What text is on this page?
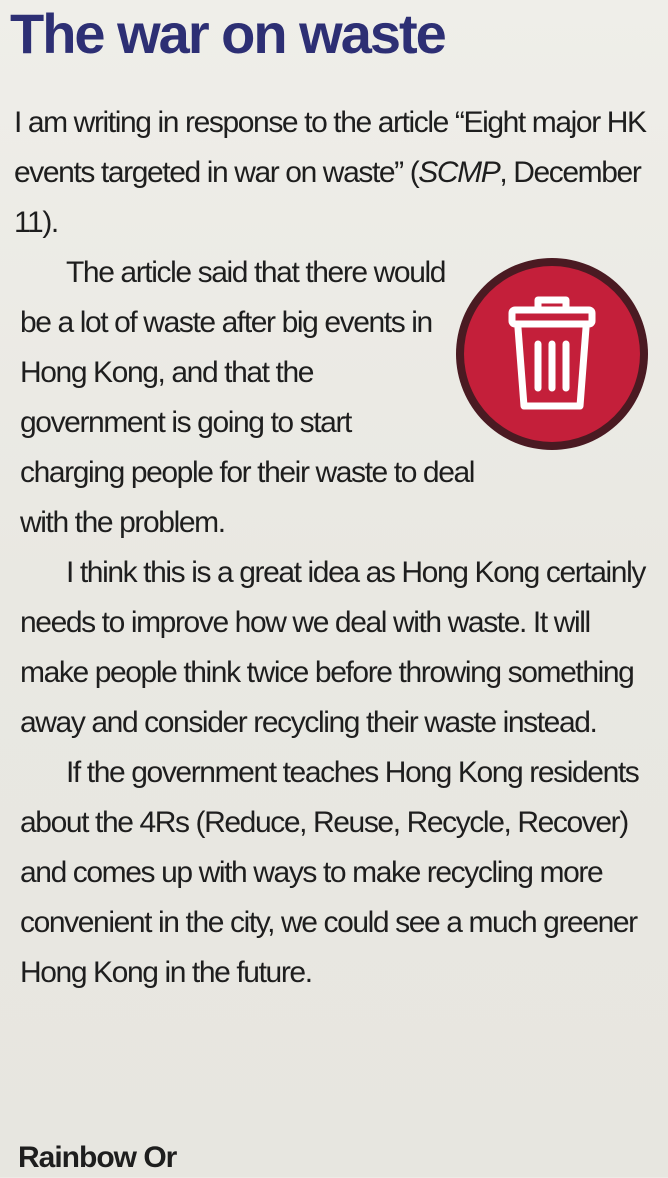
The war on waste

I am writing in response to the article “Eight major HK events targeted in war on waste” (SCMP, December 11).

The article said that there would be a lot of waste after big events in Hong Kong, and that the government is going to start charging people for their waste to deal with the problem.

I think this is a great idea as Hong Kong certainly needs to improve how we deal with waste. It will make people think twice before throwing something away and consider recycling their waste instead.

If the government teaches Hong Kong residents about the 4Rs (Reduce, Reuse, Recycle, Recover) and comes up with ways to make recycling more convenient in the city, we could see a much greener Hong Kong in the future.

Rainbow Or
